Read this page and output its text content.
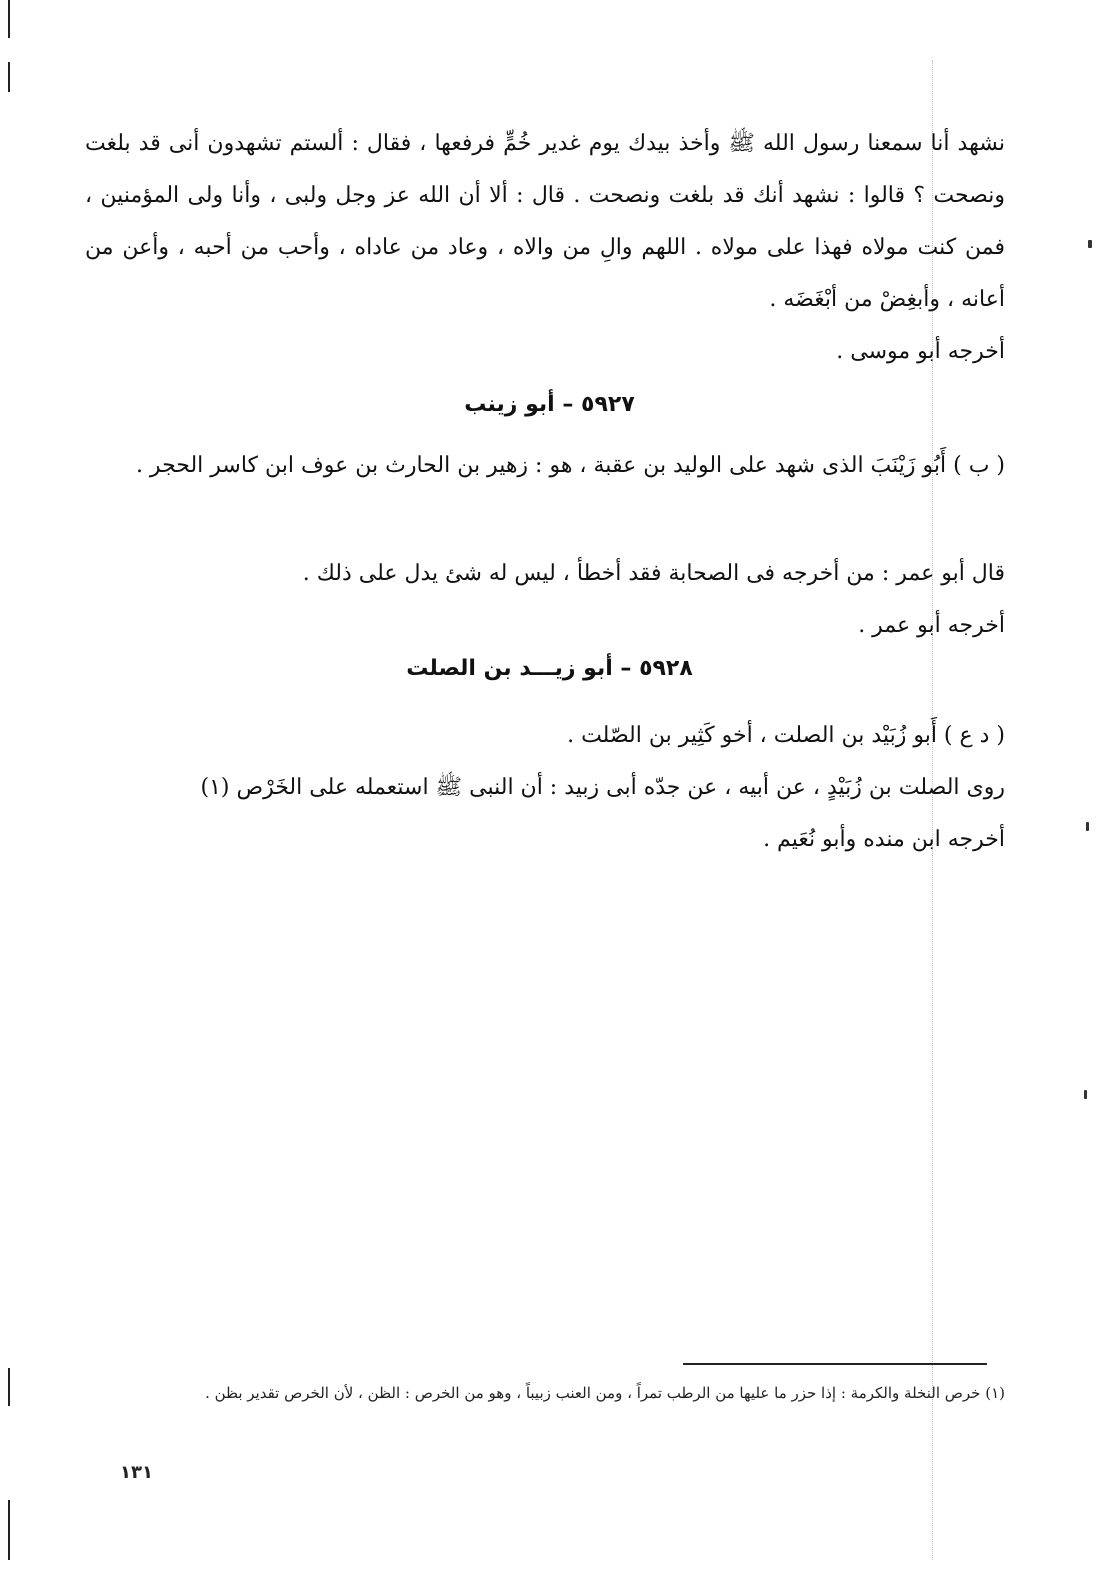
نشهد أنا سمعنا رسول الله ﷺ وأخذ بيدك يوم غدير خُمٍّ فرفعها ، فقال : ألستم تشهدون أنى قد بلغت ونصحت ؟ قالوا : نشهد أنك قد بلغت ونصحت . قال : ألا أن الله عز وجل ولبى ، وأنا ولى المؤمنين ، فمن كنت مولاه فهذا على مولاه . اللهم والِ من والاه ، وعاد من عاداه ، وأحب من أحبه ، وأعن من أعانه ، وأبغِضْ من أبْغَضَه .

أخرجه أبو موسى .

٥٩٢٧ – أبو زينب

( ب ) أَبُو زَيْنَبَ الذى شهد على الوليد بن عقبة ، هو : زهير بن الحارث بن عوف ابن كاسر الحجر .

قال أبو عمر : من أخرجه فى الصحابة فقد أخطأ ، ليس له شئ يدل على ذلك .

أخرجه أبو عمر .

٥٩٢٨ – أبو زيـــد بن الصلت

( د ع ) أَبو زُبَيْد بن الصلت ، أخو كَثِير بن الصّلت .

روى الصلت بن زُبَيْدٍ ، عن أبيه ، عن جدّه أبى زبيد : أن النبى ﷺ استعمله على الخَرْص (١)

أخرجه ابن منده وأبو نُعَيم .

(١) خرص النخلة والكرمة : إذا حزر ما عليها من الرطب تمراً ، ومن العنب زبيباً ، وهو من الخرص : الظن ، لأن الخرص تقدير بظن .
١٣١
